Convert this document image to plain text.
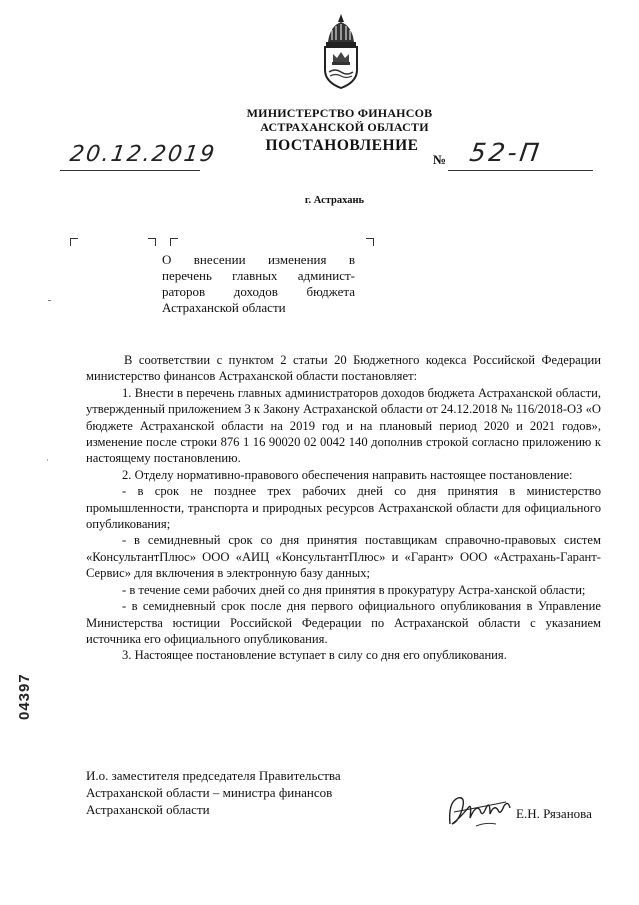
МИНИСТЕРСТВО ФИНАНСОВ
АСТРАХАНСКОЙ ОБЛАСТИ
ПОСТАНОВЛЕНИЕ
20.12.2019	№ 52-П
г. Астрахань
О внесении изменения в
перечень главных админист-
раторов доходов бюджета
Астраханской области
·

В соответствии с пунктом 2 статьи 20 Бюджетного кодекса Российской Федерации министерство финансов Астраханской области постановляет:

1. Внести в перечень главных администраторов доходов бюджета Астраханской области, утвержденный приложением 3 к Закону Астраханской области от 24.12.2018 № 116/2018-ОЗ «О бюджете Астраханской области на 2019 год и на плановый период 2020 и 2021 годов», изменение после строки 876 1 16 90020 02 0042 140 дополнив строкой согласно приложению к настоящему постановлению.

2. Отделу нормативно-правового обеспечения направить настоящее постановление:

- в срок не позднее трех рабочих дней со дня принятия в министерство промышленности, транспорта и природных ресурсов Астраханской области для официального опубликования;

- в семидневный срок со дня принятия поставщикам справочно-правовых систем «КонсультантПлюс» ООО «АИЦ «КонсультантПлюс» и «Гарант» ООО «Астрахань-Гарант-Сервис» для включения в электронную базу данных;

- в течение семи рабочих дней со дня принятия в прокуратуру Астра-ханской области;

- в семидневный срок после дня первого официального опубликования в Управление Министерства юстиции Российской Федерации по Астраханской области с указанием источника его официального опубликования.

3. Настоящее постановление вступает в силу со дня его опубликования.

04397
И.о. заместителя председателя Правительства
Астраханской области – министра финансов
Астраханской области	Е.Н. Рязанова
